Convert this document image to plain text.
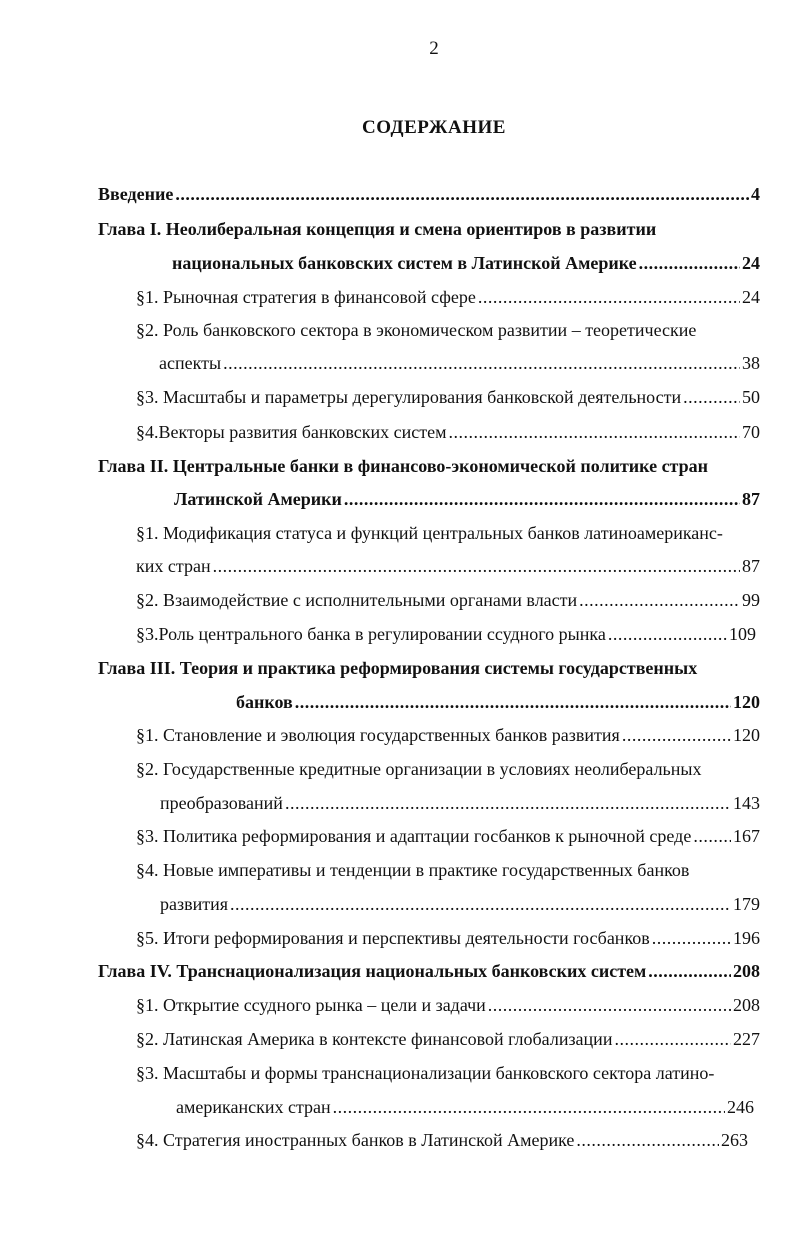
2
СОДЕРЖАНИЕ
Введение .....	4
Глава I. Неолиберальная концепция и смена ориентиров в развитии
национальных банковских систем в Латинской Америке .....	24
§1. Рыночная стратегия в финансовой сфере .....	24
§2. Роль банковского сектора в экономическом развитии – теоретические
аспекты .....	38
§3. Масштабы и параметры дерегулирования банковской деятельности .....	50
§4.Векторы развития банковских систем .....	70
Глава II. Центральные банки в финансово-экономической политике стран
Латинской Америки .....	87
§1. Модификация статуса и функций центральных банков латиноамериканс-
ких стран .....	87
§2. Взаимодействие с исполнительными органами власти .....	99
§3.Роль центрального банка в регулировании ссудного рынка .....	109
Глава III. Теория и практика реформирования системы государственных
банков .....	120
§1. Становление и эволюция государственных банков развития .....	120
§2. Государственные кредитные организации в условиях неолиберальных
преобразований .....	143
§3. Политика реформирования и адаптации госбанков к рыночной среде ..... 167
§4. Новые императивы и тенденции в практике государственных банков
развития .....	179
§5. Итоги реформирования и перспективы деятельности госбанков .....	196
Глава IV. Транснационализация национальных банковских систем .....	208
§1. Открытие ссудного рынка – цели и задачи .....	208
§2. Латинская Америка в контексте финансовой глобализации .....	227
§3. Масштабы и формы транснационализации банковского сектора латино-
американских стран .....	246
§4. Стратегия иностранных банков в Латинской Америке .....	263
